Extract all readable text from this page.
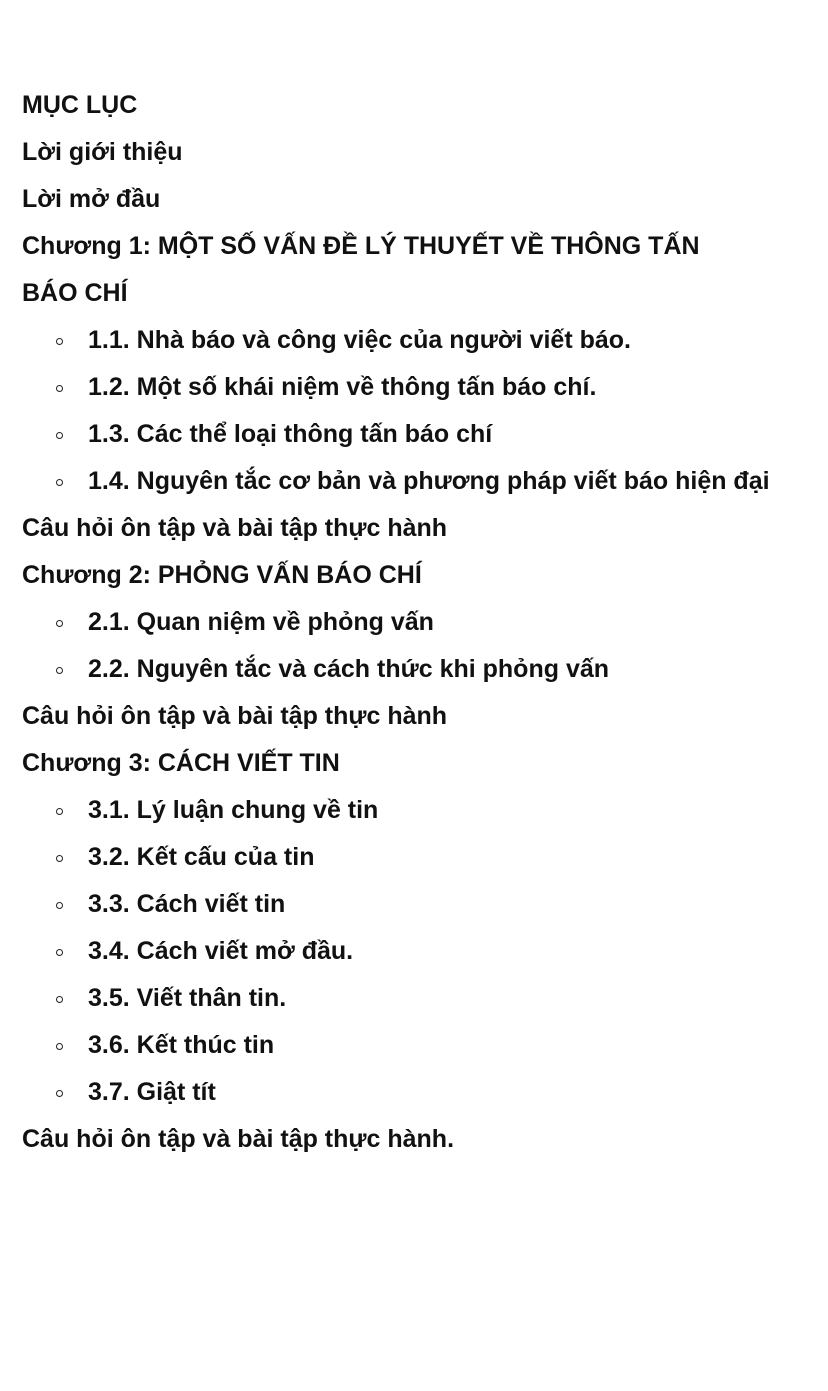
MỤC LỤC

Lời giới thiệu

Lời mở đầu

Chương 1: MỘT SỐ VẤN ĐỀ LÝ THUYẾT VỀ THÔNG TẤN

BÁO CHÍ

1.1. Nhà báo và công việc của người viết báo.
1.2. Một số khái niệm về thông tấn báo chí.
1.3. Các thể loại thông tấn báo chí
1.4. Nguyên tắc cơ bản và phương pháp viết báo hiện đại

Câu hỏi ôn tập và bài tập thực hành

Chương 2: PHỎNG VẤN BÁO CHÍ

2.1. Quan niệm về phỏng vấn
2.2. Nguyên tắc và cách thức khi phỏng vấn

Câu hỏi ôn tập và bài tập thực hành

Chương 3: CÁCH VIẾT TIN

3.1. Lý luận chung về tin
3.2. Kết cấu của tin
3.3. Cách viết tin
3.4. Cách viết mở đầu.
3.5. Viết thân tin.
3.6. Kết thúc tin
3.7. Giật tít

Câu hỏi ôn tập và bài tập thực hành.
